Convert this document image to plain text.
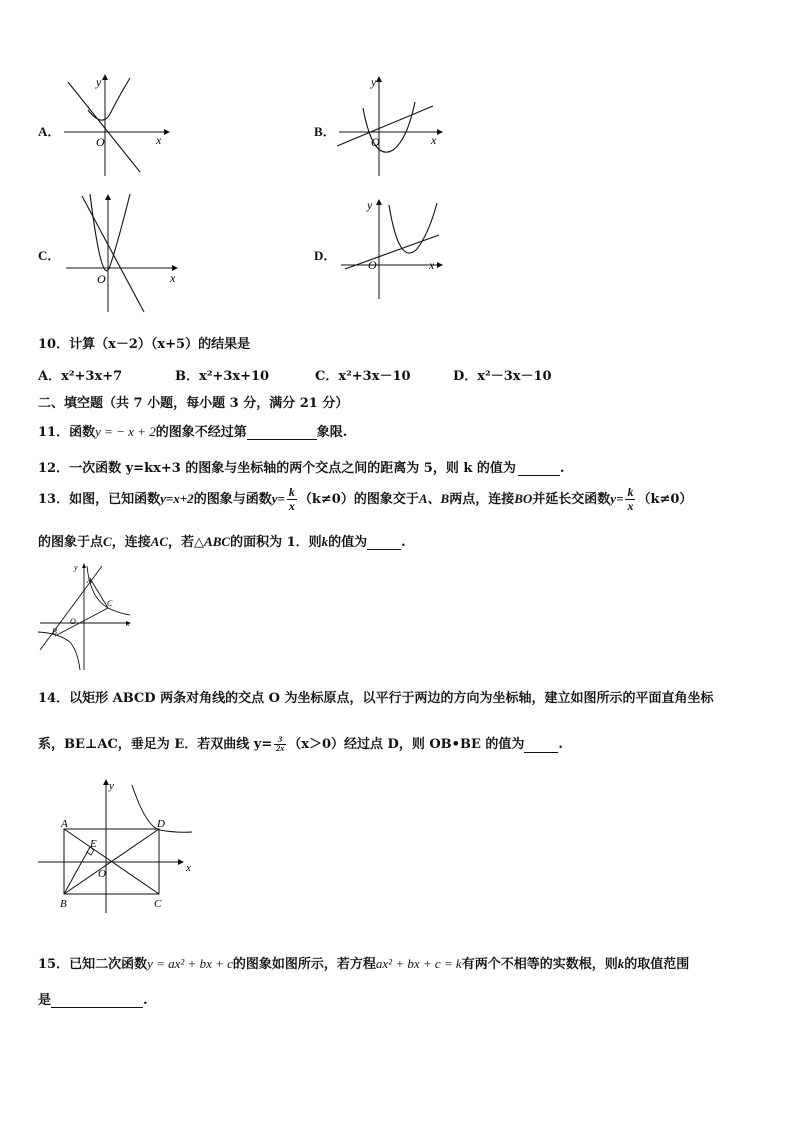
A．
y
O	x
B．
y
O	x
C．
O	x
D．
y
O	x
10．计算（x－2）（x+5）的结果是
A．x²+3x+7	B．x²+3x+10	C．x²+3x－10	D．x²－3x－10
二、填空题（共 7 小题，每小题 3 分，满分 21 分）
11．函数y = − x + 2的图象不经过第	象限.
12．一次函数 y=kx+3 的图象与坐标轴的两个交点之间的距离为 5，则 k 的值为	.
13．如图，已知函数y=x+2的图象与函数$y= \frac{k}{x} (k\ne 0)$的图象交于A、B两点，连接BO并延长交函数$y= \frac{k}{x} (k\ne 0)$
的图象于点C，连接AC，若△ABC的面积为 1．则k的值为	.
y
A
C
O
B
x
14．以矩形 ABCD 两条对角线的交点 O 为坐标原点，以平行于两边的方向为坐标轴，建立如图所示的平面直角坐标
系，BE⊥AC，垂足为 E．若双曲线 $y= \frac{3}{2x} (x>0)$经过点 D，则 OB•BE 的值为	.
y
A	D
E
x
O
B	C
15．已知二次函数y = ax² + bx + c的图象如图所示，若方程ax² + bx + c = k有两个不相等的实数根，则k的取值范围
是	.
